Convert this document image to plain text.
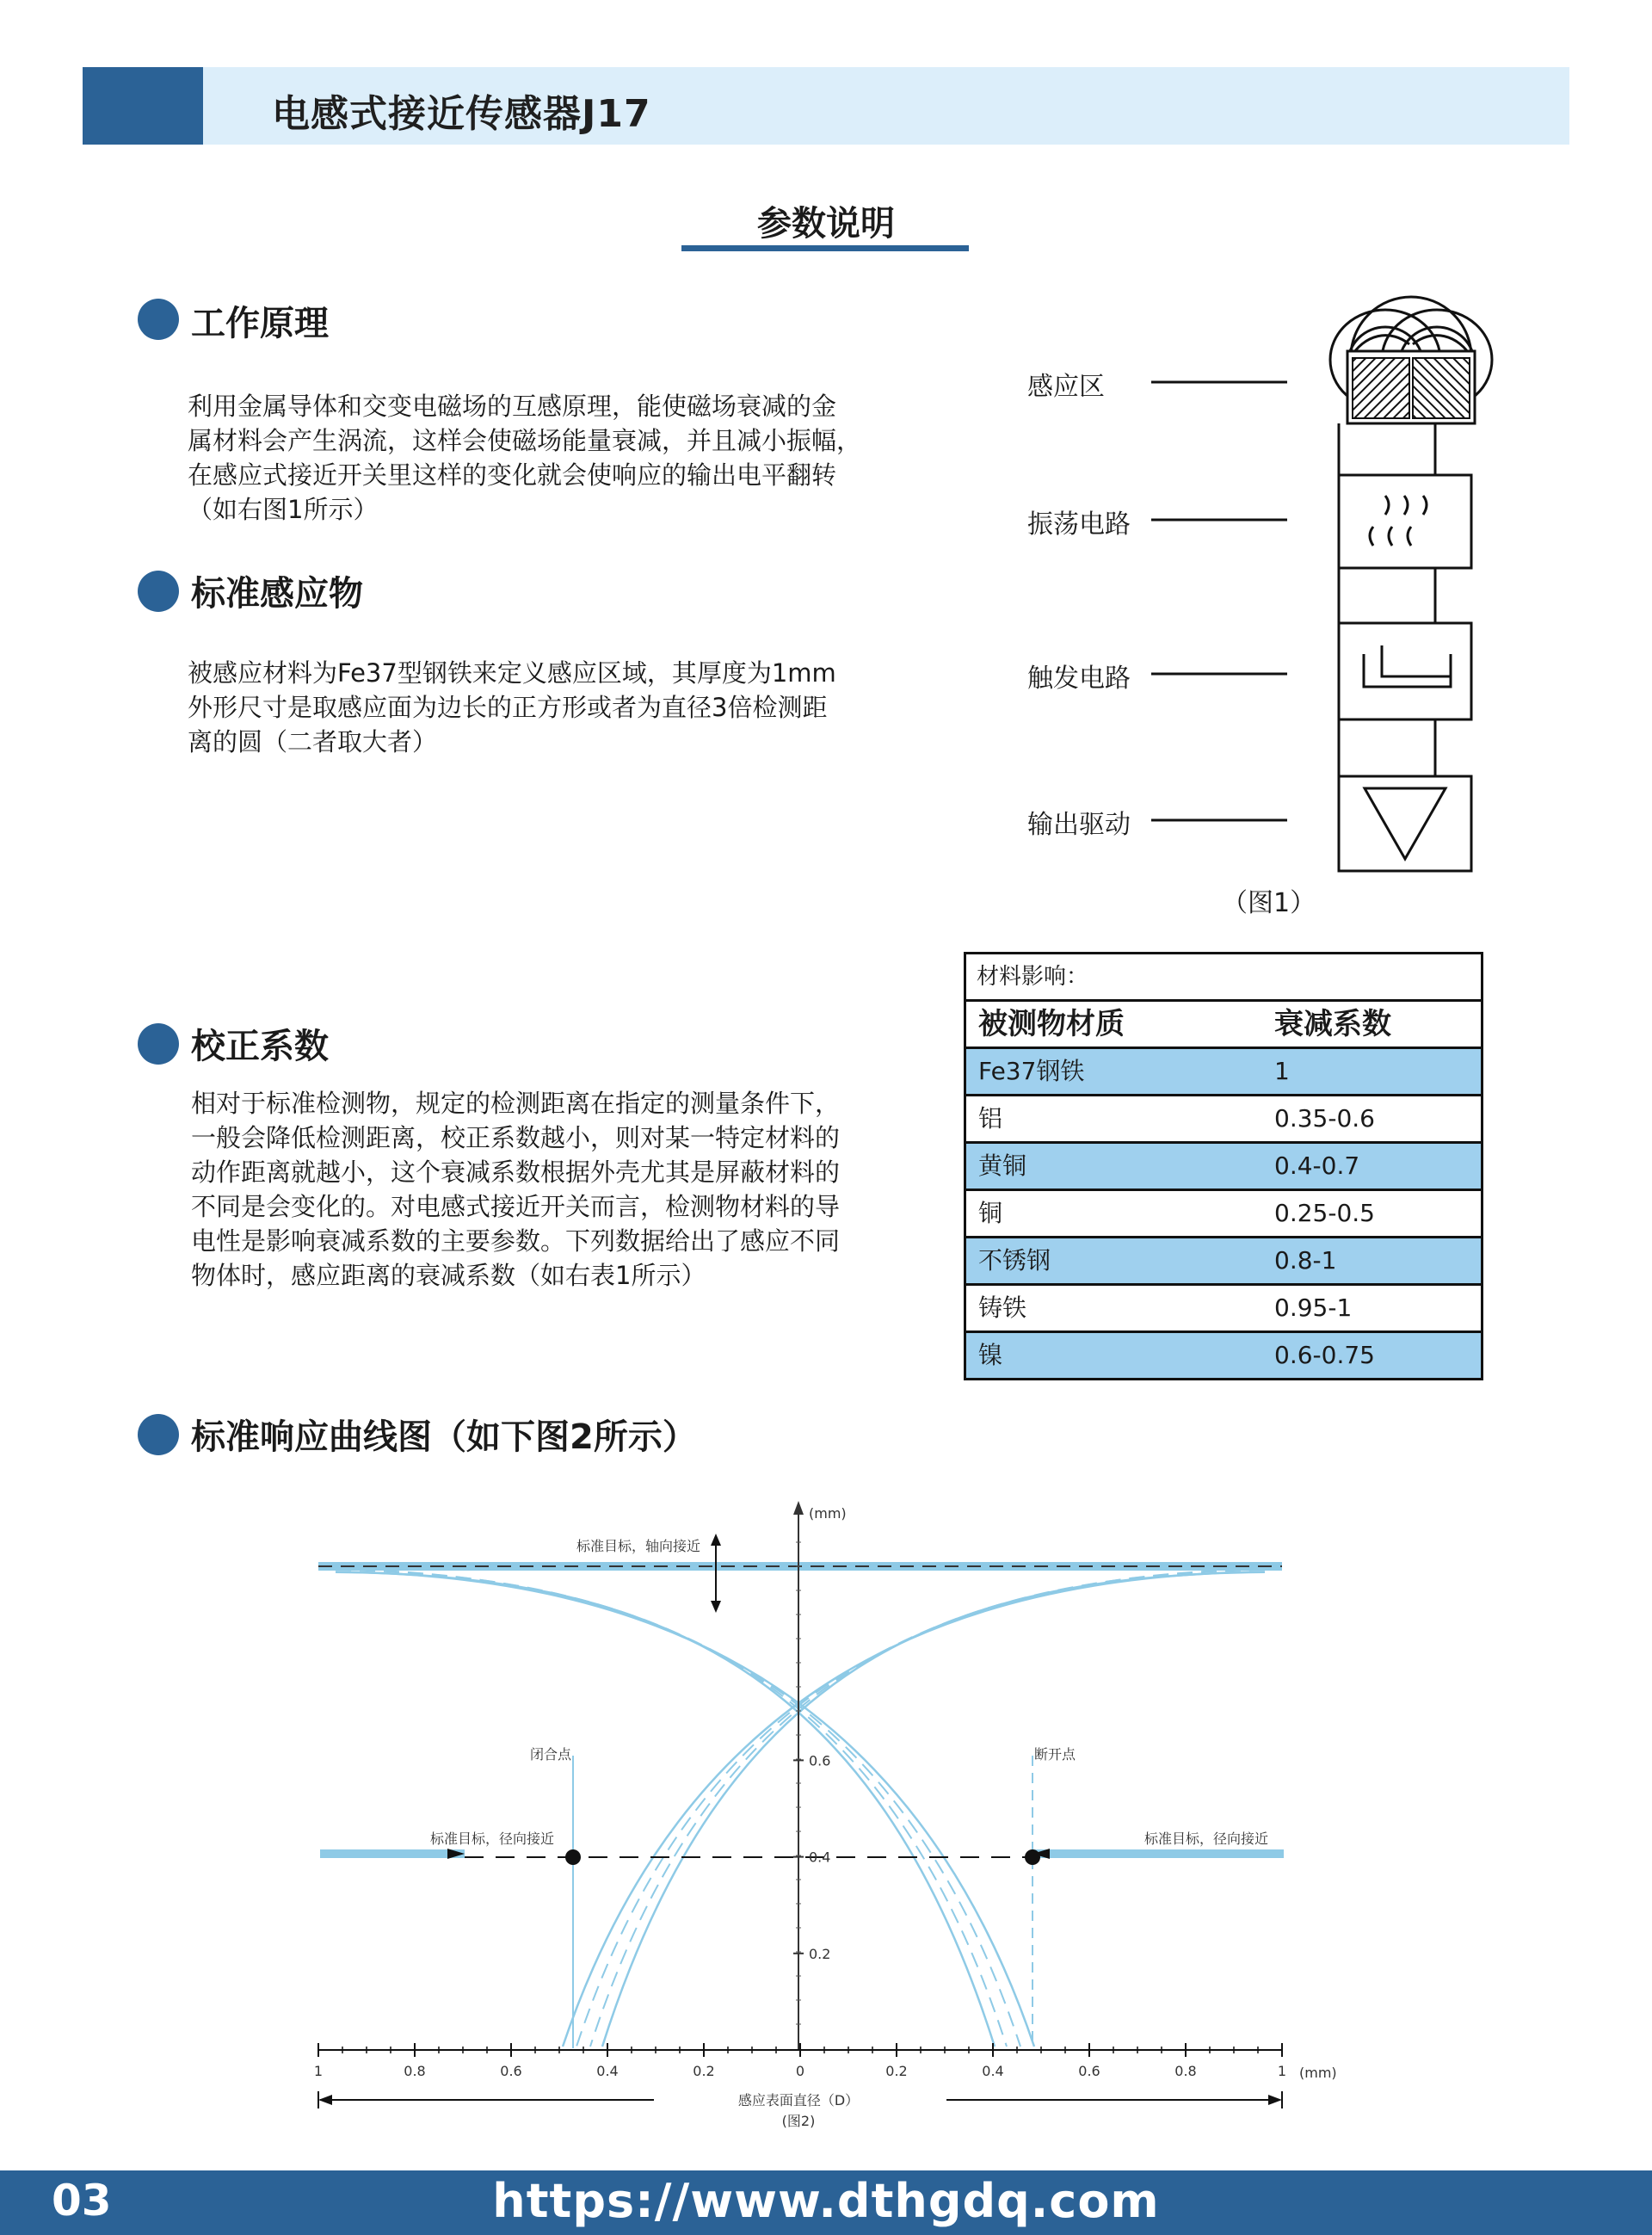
电感式接近传感器J17
参数说明
工作原理

利用金属导体和交变电磁场的互感原理，能使磁场衰减的金

属材料会产生涡流，这样会使磁场能量衰减，并且减小振幅，

在感应式接近开关里这样的变化就会使响应的输出电平翻转

（如右图1所示）

标准感应物

被感应材料为Fe37型钢铁来定义感应区域，其厚度为1mm

外形尺寸是取感应面为边长的正方形或者为直径3倍检测距

离的圆（二者取大者）

感应区
振荡电路
触发电路
输出驱动
（图1）
校正系数

相对于标准检测物，规定的检测距离在指定的测量条件下，

一般会降低检测距离，校正系数越小，则对某一特定材料的

动作距离就越小，这个衰减系数根据外壳尤其是屏蔽材料的

不同是会变化的。对电感式接近开关而言，检测物材料的导

电性是影响衰减系数的主要参数。下列数据给出了感应不同

物体时，感应距离的衰减系数（如右表1所示）

材料影响：
被测物材质	衰减系数
Fe37钢铁	1
铝	0.35-0.6
黄铜	0.4-0.7
铜	0.25-0.5
不锈钢	0.8-1
铸铁	0.95-1
镍	0.6-0.75
标准响应曲线图（如下图2所示）
(mm)
0.6
0.4
0.2
1	0.8	0.6	0.4	0.2	0	0.2	0.4	0.6	0.8	1 (mm)
标准目标，轴向接近
闭合点	断开点
标准目标，径向接近	标准目标，径向接近
感应表面直径（D）
(图2)
03	https://www.dthgdq.com
